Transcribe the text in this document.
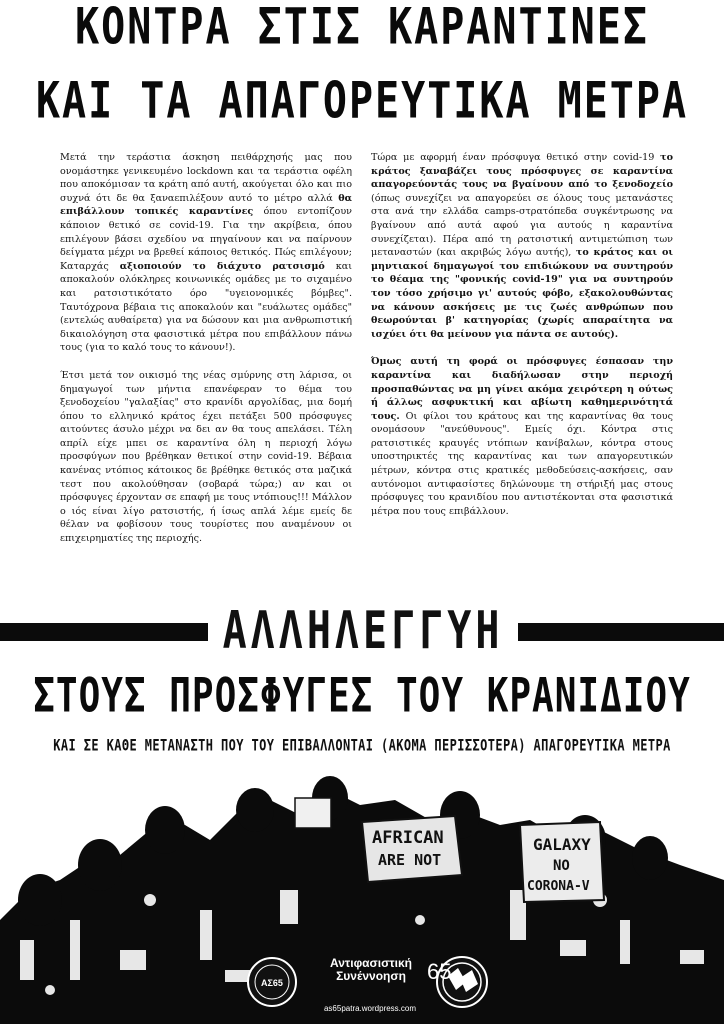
ΚΟΝΤΡΑ ΣΤΙΣ ΚΑΡΑΝΤΙΝΕΣ
ΚΑΙ ΤΑ ΑΠΑΓΟΡΕΥΤΙΚΑ ΜΕΤΡΑ

Μετά την τεράστια άσκηση πειθάρχησής μας που ονομάστηκε γενικευμένο lockdown και τα τεράστια οφέλη που αποκόμισαν τα κράτη από αυτή, ακούγεται όλο και πιο συχνά ότι δε θα ξαναεπιλέξουν αυτό το μέτρο αλλά θα επιβάλλουν τοπικές καραντίνες όπου εντοπίζουν κάποιον θετικό σε covid-19. Για την ακρίβεια, όπου επιλέγουν βάσει σχεδίου να πηγαίνουν και να παίρνουν δείγματα μέχρι να βρεθεί κάποιος θετικός. Πώς επιλέγουν; Καταρχάς αξιοποιούν το διάχυτο ρατσισμό και αποκαλούν ολόκληρες κοινωνικές ομάδες με το σιχαμένο και ρατσιστικότατο όρο "υγειονομικές βόμβες". Ταυτόχρονα βέβαια τις αποκαλούν και "ευάλωτες ομάδες" (εντελώς αυθαίρετα) για να δώσουν και μια ανθρωπιστική δικαιολόγηση στα φασιστικά μέτρα που επιβάλλουν πάνω τους (για το καλό τους το κάνουν!).

Έτσι μετά τον οικισμό της νέας σμύρνης στη λάρισα, οι δημαγωγοί των μήντια επανέφεραν το θέμα του ξενοδοχείου "γαλαξίας" στο κρανίδι αργολίδας, μια δομή όπου το ελληνικό κράτος έχει πετάξει 500 πρόσφυγες αιτούντες άσυλο μέχρι να δει αν θα τους απελάσει. Τέλη απρίλ είχε μπει σε καραντίνα όλη η περιοχή λόγω προσφύγων που βρέθηκαν θετικοί στην covid-19. Βέβαια κανένας ντόπιος κάτοικος δε βρέθηκε θετικός στα μαζικά τεστ που ακολούθησαν (σοβαρά τώρα;) αν και οι πρόσφυγες έρχονταν σε επαφή με τους ντόπιους!!! Μάλλον ο ιός είναι λίγο ρατσιστής, ή ίσως απλά λέμε εμείς δε θέλαν να φοβίσουν τους τουρίστες που αναμένουν οι επιχειρηματίες της περιοχής.

Τώρα με αφορμή έναν πρόσφυγα θετικό στην covid-19 το κράτος ξαναβάζει τους πρόσφυγες σε καραντίνα απαγορεύοντάς τους να βγαίνουν από το ξενοδοχείο (όπως συνεχίζει να απαγορεύει σε όλους τους μετανάστες στα ανά την ελλάδα camps-στρατόπεδα συγκέντρωσης να βγαίνουν από αυτά αφού για αυτούς η καραντίνα συνεχίζεται). Πέρα από τη ρατσιστική αντιμετώπιση των μεταναστών (και ακριβώς λόγω αυτής), το κράτος και οι μηντιακοί δημαγωγοί του επιδιώκουν να συντηρούν το θέαμα της "φονικής covid-19" για να συντηρούν τον τόσο χρήσιμο γι' αυτούς φόβο, εξακολουθώντας να κάνουν ασκήσεις με τις ζωές ανθρώπων που θεωρούνται β' κατηγορίας (χωρίς απαραίτητα να ισχύει ότι θα μείνουν για πάντα σε αυτούς).

Όμως αυτή τη φορά οι πρόσφυγες έσπασαν την καραντίνα και διαδήλωσαν στην περιοχή προσπαθώντας να μη γίνει ακόμα χειρότερη η ούτως ή άλλως ασφυκτική και αβίωτη καθημερινότητά τους. Οι φίλοι του κράτους και της καραντίνας θα τους ονομάσουν "ανεύθυνους". Εμείς όχι. Κόντρα στις ρατσιστικές κραυγές ντόπιων κανίβαλων, κόντρα στους υποστηρικτές της καραντίνας και των απαγορευτικών μέτρων, κόντρα στις κρατικές μεθοδεύσεις-ασκήσεις, σαν αυτόνομοι αντιφασίστες δηλώνουμε τη στήριξή μας στους πρόσφυγες του κρανιδίου που αντιστέκονται στα φασιστικά μέτρα που τους επιβάλλουν.

ΑΛΛΗΛΕΓΓΥΗ
ΣΤΟΥΣ ΠΡΟΣΦΥΓΕΣ ΤΟΥ ΚΡΑΝΙΔΙΟΥ
ΚΑΙ ΣΕ ΚΑΘΕ ΜΕΤΑΝΑΣΤΗ ΠΟΥ ΤΟΥ ΕΠΙΒΑΛΛΟΝΤΑΙ (ΑΚΟΜΑ ΠΕΡΙΣΣΟΤΕΡΑ) ΑΠΑΓΟΡΕΥΤΙΚΑ ΜΕΤΡΑ
AFRICAN
ARE NOT
GALAXY
NO
CORONA-V
ΑΣ65
Αντιφασιστική
Συνέννοηση 65
as65patra.wordpress.com
